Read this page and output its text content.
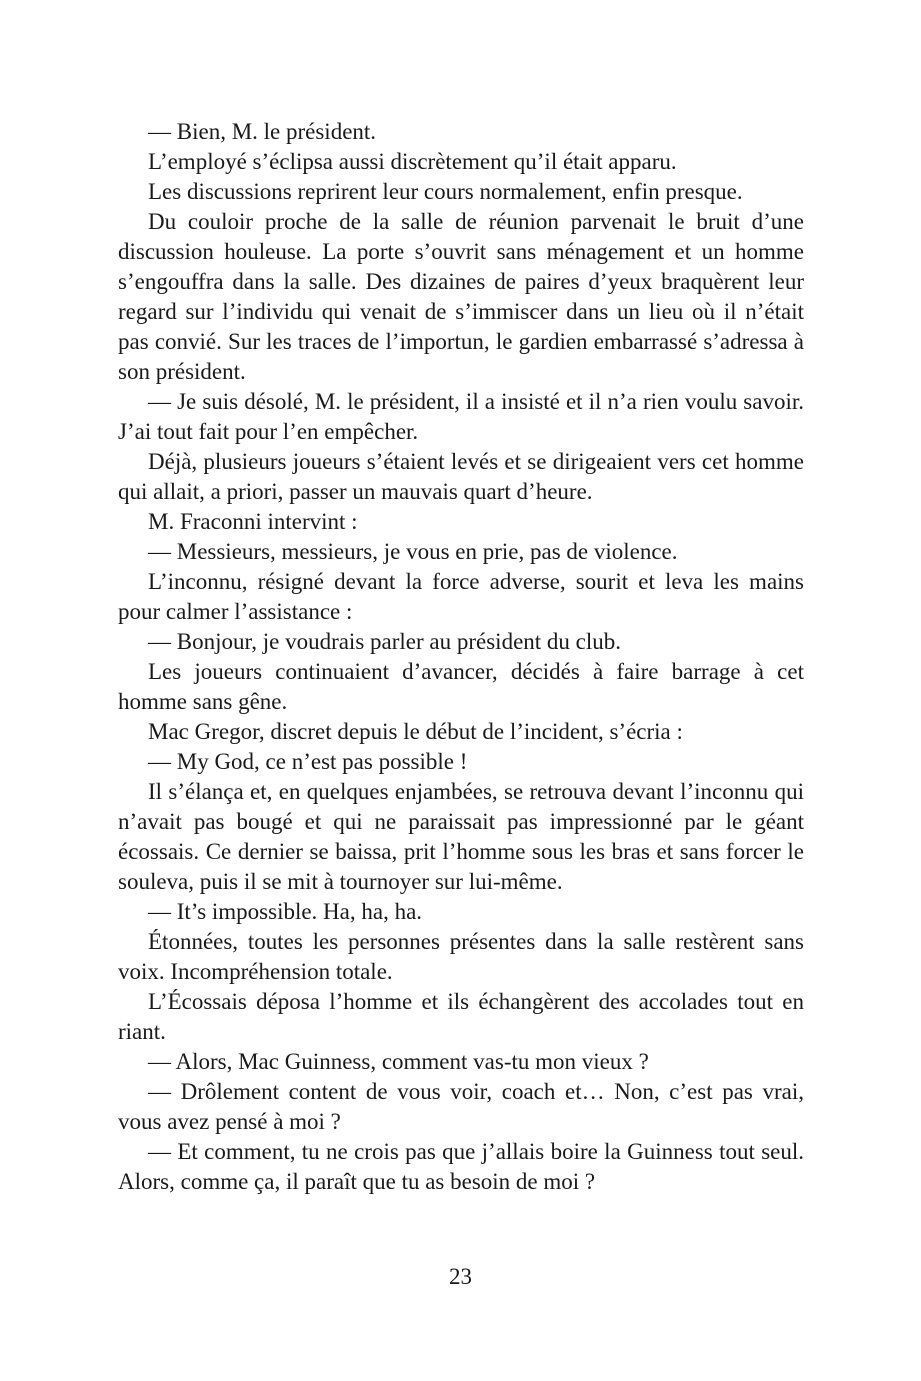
— Bien, M. le président.

L’employé s’éclipsa aussi discrètement qu’il était apparu.

Les discussions reprirent leur cours normalement, enfin presque.

Du couloir proche de la salle de réunion parvenait le bruit d’une discussion houleuse. La porte s’ouvrit sans ménagement et un homme s’engouffra dans la salle. Des dizaines de paires d’yeux braquèrent leur regard sur l’individu qui venait de s’immiscer dans un lieu où il n’était pas convié. Sur les traces de l’importun, le gardien embarrassé s’adressa à son président.

— Je suis désolé, M. le président, il a insisté et il n’a rien voulu savoir. J’ai tout fait pour l’en empêcher.

Déjà, plusieurs joueurs s’étaient levés et se dirigeaient vers cet homme qui allait, a priori, passer un mauvais quart d’heure.

M. Fraconni intervint :

— Messieurs, messieurs, je vous en prie, pas de violence.

L’inconnu, résigné devant la force adverse, sourit et leva les mains pour calmer l’assistance :

— Bonjour, je voudrais parler au président du club.

Les joueurs continuaient d’avancer, décidés à faire barrage à cet homme sans gêne.

Mac Gregor, discret depuis le début de l’incident, s’écria :

— My God, ce n’est pas possible !

Il s’élança et, en quelques enjambées, se retrouva devant l’inconnu qui n’avait pas bougé et qui ne paraissait pas impressionné par le géant écossais. Ce dernier se baissa, prit l’homme sous les bras et sans forcer le souleva, puis il se mit à tournoyer sur lui-même.

— It’s impossible. Ha, ha, ha.

Étonnées, toutes les personnes présentes dans la salle restèrent sans voix. Incompréhension totale.

L’Écossais déposa l’homme et ils échangèrent des accolades tout en riant.

— Alors, Mac Guinness, comment vas-tu mon vieux ?

— Drôlement content de vous voir, coach et… Non, c’est pas vrai, vous avez pensé à moi ?

— Et comment, tu ne crois pas que j’allais boire la Guinness tout seul. Alors, comme ça, il paraît que tu as besoin de moi ?

23
